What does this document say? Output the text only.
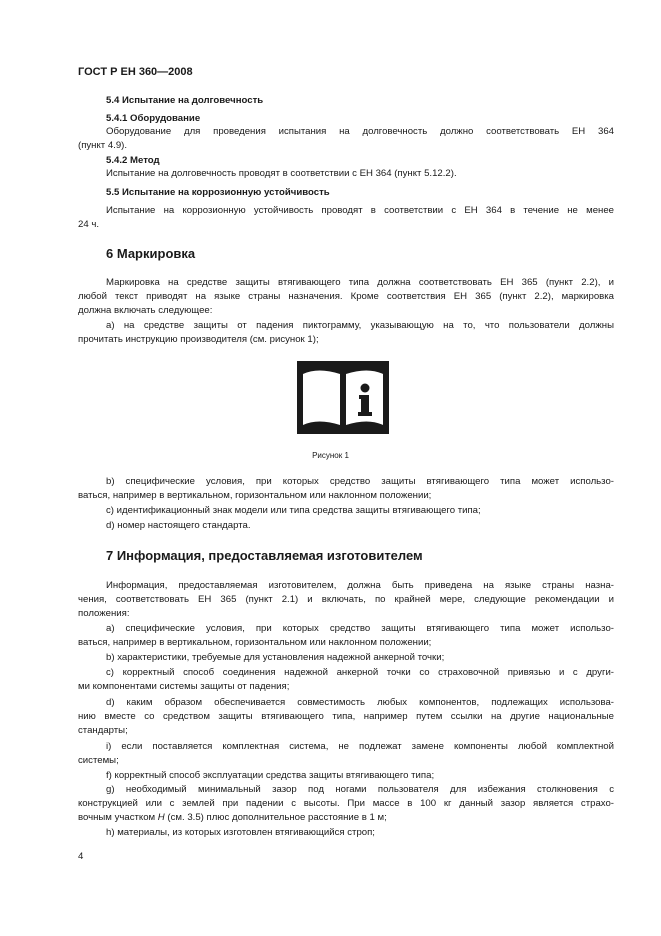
ГОСТ Р ЕН 360—2008
5.4 Испытание на долговечность
5.4.1 Оборудование
Оборудование для проведения испытания на долговечность должно соответствовать ЕН 364
(пункт 4.9).
5.4.2 Метод
Испытание на долговечность проводят в соответствии с ЕН 364 (пункт 5.12.2).
5.5 Испытание на коррозионную устойчивость
Испытание на коррозионную устойчивость проводят в соответствии с ЕН 364 в течение не менее
24 ч.
6 Маркировка
Маркировка на средстве защиты втягивающего типа должна соответствовать ЕН 365 (пункт 2.2), и
любой текст приводят на языке страны назначения. Кроме соответствия ЕН 365 (пункт 2.2), маркировка
должна включать следующее:
а) на средстве защиты от падения пиктограмму, указывающую на то, что пользователи должны
прочитать инструкцию производителя (см. рисунок 1);
Рисунок 1
b) специфические условия, при которых средство защиты втягивающего типа может использо-
ваться, например в вертикальном, горизонтальном или наклонном положении;
с) идентификационный знак модели или типа средства защиты втягивающего типа;
d) номер настоящего стандарта.
7 Информация, предоставляемая изготовителем
Информация, предоставляемая изготовителем, должна быть приведена на языке страны назна-
чения, соответствовать ЕН 365 (пункт 2.1) и включать, по крайней мере, следующие рекомендации и
положения:
а) специфические условия, при которых средство защиты втягивающего типа может использо-
ваться, например в вертикальном, горизонтальном или наклонном положении;
b) характеристики, требуемые для установления надежной анкерной точки;
с) корректный способ соединения надежной анкерной точки со страховочной привязью и с други-
ми компонентами системы защиты от падения;
d) каким образом обеспечивается совместимость любых компонентов, подлежащих использова-
нию вместе со средством защиты втягивающего типа, например путем ссылки на другие национальные
стандарты;
i) если поставляется комплектная система, не подлежат замене компоненты любой комплектной
системы;
f) корректный способ эксплуатации средства защиты втягивающего типа;
g) необходимый минимальный зазор под ногами пользователя для избежания столкновения с
конструкцией или с землей при падении с высоты. При массе в 100 кг данный зазор является страхо-
вочным участком H (см. 3.5) плюс дополнительное расстояние в 1 м;
h) материалы, из которых изготовлен втягивающийся строп;
4
